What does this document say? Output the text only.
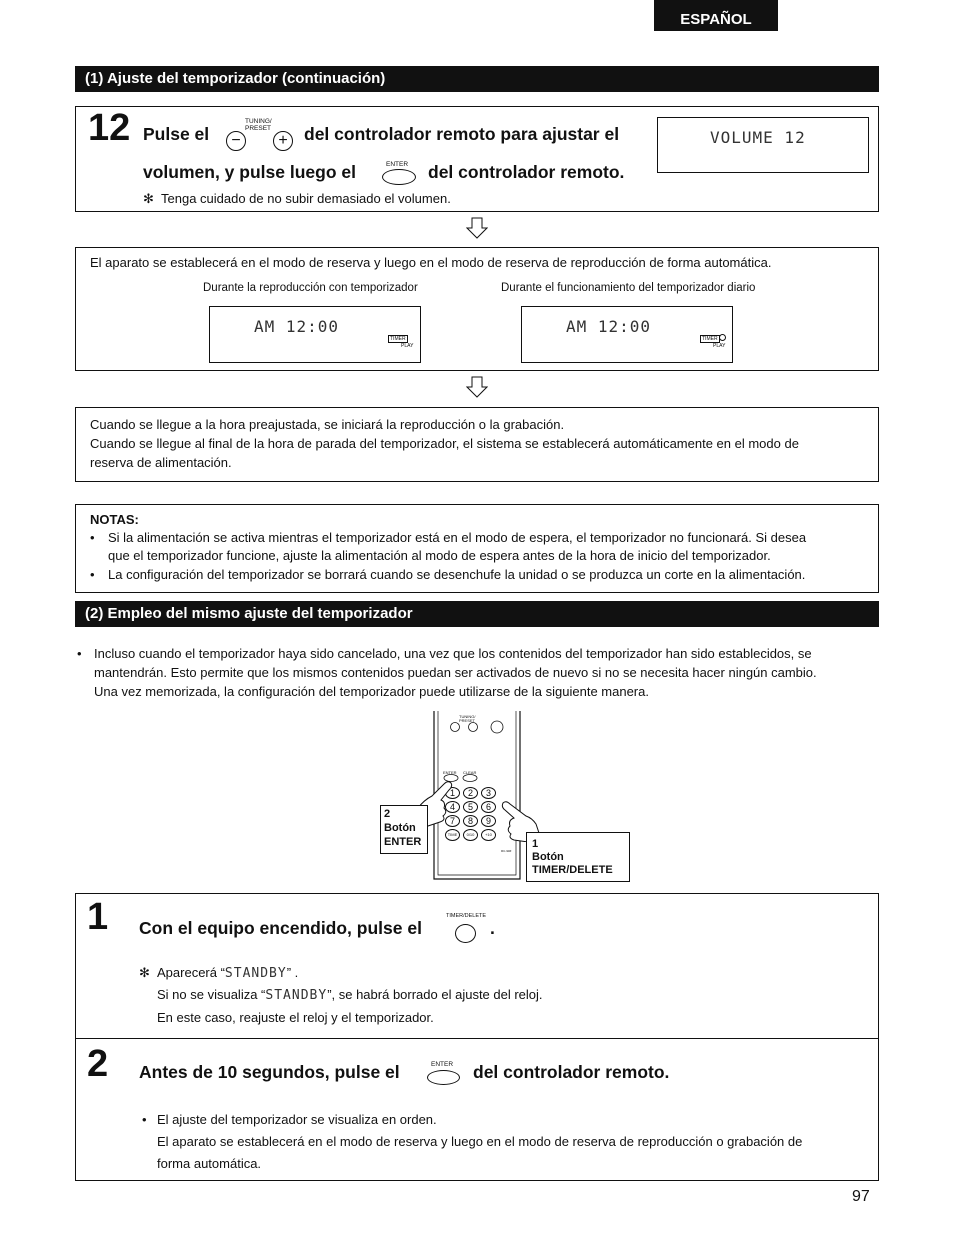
ESPAÑOL
(1) Ajuste del temporizador (continuación)
12 Pulse el
TUNING/
PRESET
−	+ del controlador remoto para ajustar el
volumen, y pulse luego el	ENTER del controlador remoto.
✻ Tenga cuidado de no subir demasiado el volumen.
VOLUME 12
El aparato se establecerá en el modo de reserva y luego en el modo de reserva de reproducción de forma automática.
Durante la reproducción con temporizador	Durante el funcionamiento del temporizador diario
AM 12:00
TIMER
PLAY
AM 12:00
TIMER
PLAY
Cuando se llegue a la hora preajustada, se iniciará la reproducción o la grabación.
Cuando se llegue al final de la hora de parada del temporizador, el sistema se establecerá automáticamente en el modo de
reserva de alimentación.
NOTAS:
• Si la alimentación se activa mientras el temporizador está en el modo de espera, el temporizador no funcionará. Si desea
que el temporizador funcione, ajuste la alimentación al modo de espera antes de la hora de inicio del temporizador.
• La configuración del temporizador se borrará cuando se desenchufe la unidad o se produzca un corte en la alimentación.
(2) Empleo del mismo ajuste del temporizador
• Incluso cuando el temporizador haya sido cancelado, una vez que los contenidos del temporizador han sido establecidos, se
mantendrán. Esto permite que los mismos contenidos puedan ser activados de nuevo si no se necesita hacer ningún cambio.
Una vez memorizada, la configuración del temporizador puede utilizarse de la siguiente manera.
TUNING/
PRESET
ENTER CLEAR
1	2	3
4	5	6
7	8	9
TIME	0/10	+10
RC-9##
2
Botón
ENTER	1
Botón
TIMER/DELETE
1 Con el equipo encendido, pulse el
TIMER/DELETE
.
✻ Aparecerá “STANDBY” .
Si no se visualiza “STANDBY”, se habrá borrado el ajuste del reloj.
En este caso, reajuste el reloj y el temporizador.
2 Antes de 10 segundos, pulse el	ENTER del controlador remoto.
• El ajuste del temporizador se visualiza en orden.
El aparato se establecerá en el modo de reserva y luego en el modo de reserva de reproducción o grabación de
forma automática.
97
